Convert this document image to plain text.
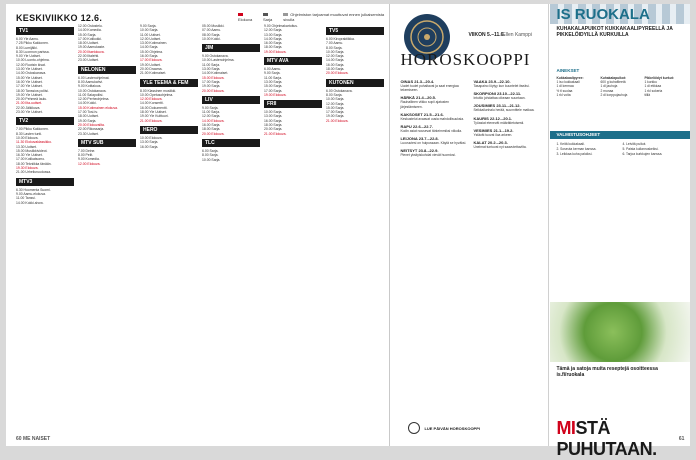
KESKIVIIKKO 12.6.	Elokuva	Sarja
Ohjelmiston tarjoamat muuttuvat ennen julkaisemista sivulla
TV1
6.00 Yle Aamu.
7.25 Pikku Kakkonen.
8.00 Lumijälki.
8.30 Luonnon parissa.
9.00 Yle Uutiset.
10.00 Luonto-ohjelma.
12.00 Ruotsin kisat.
13.00 Yle Uutiset.
14.00 Ostoskanava.
15.00 Yle Uutiset.
16.00 Yle Uutiset.
17.00 Yle Uutiset.
18.00 Tanssiva poliisi.
19.00 Yle Uutiset.
20.00 Pehmeä laulu.
21.00 Ilta-uutiset.
22.00 Jälkikuva.
23.00 Yle Uutiset.
TV2
7.00 Pikku Kakkonen.
8.30 Lasten tunti.
10.00 Elokuva.
11.30 Elokuvaklassikko.
13.30 Uutiset.
15.00 Musiikkivideot.
16.30 Yle Uutiset.
17.00 Kotikatsomo.
18.00 Tekniikka tänään.
19.30 Elokuva.
21.00 Urheiluruudussa.
MTV3
6.30 Huomenta Suomi.
9.00 Aamu-elokuva.
11.00 Tanssi.
14.00 Kokki-show.
12.00 Ostostelu.
14.00 Komedia.
15.00 Sarja.
17.00 Kotikokki.
18.00 Uutiset.
19.00 Aamukaste.
20.00 Iltaelokuva.
22.00 Iltalehti.
23.00 Uutiset.
NELONEN
6.00 Lastenohjelmat.
8.00 Aamukahvi.
9.00 Kotitalous.
10.00 Ostokanava.
11.00 Salapoliisi.
12.00 Perheohjelma.
14.00 Kokki.
15.00 Kotimainen elokuva.
17.00 Tosi-tv.
18.00 Uutiset.
19.00 Sarja.
20.00 Elokuvailta.
22.00 Rikossarja.
23.30 Uutiset.
MTV SUB
7.00 Deine.
8.00 Pelit.
9.00 Komedia.
12.00 Elokuva.
9.00 Sarja.
10.00 Sarja.
11.00 Uutiset.
12.00 Uutiset.
13.00 Kotimainen.
14.00 Sarja.
15.00 Ohjelma.
16.00 Sarja.
17.00 Elokuva.
19.00 Uutiset.
20.00 Draama.
21.00 Kotimaiset.
YLE TEEMA & FEM
8.00 Klassinen musiikki.
10.00 Opetusohjelma.
12.00 Elokuva.
14.00 Konsertti.
16.00 Dokumentti.
18.00 Yle Uutiset.
19.00 Yle Kulttuuri.
21.00 Elokuva.
HERO
10.00 Elokuva.
13.00 Sarja.
16.00 Sarja.
05.00 Musiikki.
07.00 Aamu.
08.00 Sarja.
10.00 Kokki.
JIM
9.00 Ostokanava.
10.00 Lastenohjelma.
11.00 Sarja.
13.00 Sarja.
14.00 Kotimaiset.
15.00 Elokuva.
17.00 Sarja.
19.00 Sarja.
20.00 Elokuva.
LIV
9.00 Sarja.
11.00 Sarja.
12.00 Sarja.
14.00 Elokuva.
16.00 Sarja.
18.00 Sarja.
20.00 Elokuva.
TLC
6.00 Sarja.
8.00 Sarja.
10.00 Sarja.
9.00 Ohjelmakartoitus.
12.00 Sarja.
13.00 Sarja.
14.00 Sarja.
16.00 Sarja.
18.00 Sarja.
19.00 Elokuva.
MTV AVA
6.00 Aamu.
9.00 Sarja.
11.00 Sarja.
13.00 Sarja.
15.00 Sarja.
17.00 Sarja.
19.00 Elokuva.
FRII
10.00 Sarja.
13.00 Sarja.
16.00 Sarja.
18.00 Sarja.
20.00 Sarja.
21.00 Elokuva.
TV5
6.00 Kiropraktiikka.
7.00 Aamu.
8.00 Sarja.
10.00 Sarja.
12.00 Sarja.
14.00 Sarja.
16.00 Sarja.
18.00 Sarja.
20.00 Elokuva.
KUTONEN
6.00 Ostokanava.
8.00 Sarja.
10.00 Sarja.
12.00 Sarja.
15.00 Sarja.
17.00 Sarja.
19.00 Sarja.
21.00 Elokuva.
60 ME NAISET
VIIKON 5.–11.6.
Ellen Kamppi
HOROSKOOPPI
OINAS 21.3.–20.4.
Uudet tuulet puhaltavat ja saat energiaa tekemiseen.
HÄRKÄ 21.4.–20.5.
Rauhallinen viikko sopii ajatusten järjestämiseen.
KAKSOSET 21.5.–21.6.
Keskustelut avaavat uusia mahdollisuuksia.
RAPU 22.6.–22.7.
Kodin asiat nousevat tärkeimmiksi viikolla.
LEIJONA 23.7.–22.8.
Luovuutesi on huipussaan. Käytä se hyväksi.
NEITSYT 23.8.–22.9.
Pienet yksityiskohdat vievät huomiosi.
VAAKA 23.9.–22.10.
Tasapaino löytyy kun kuuntelet itseäsi.
SKORPIONI 23.10.–22.11.
Intuitio johdattaa oikeaan suuntaan.
JOUSIMIES 23.11.–21.12.
Seikkailunhalu herää, suunnittele matkaa.
KAURIS 22.12.–20.1.
Työasiat etenevät määrätietoisesti.
VESIMIES 21.1.–19.2.
Ystävät tuovat iloa arkeen.
KALAT 20.2.–20.3.
Unelmat tuntuvat nyt saavutettavilta.
LUE PÄIVÄN HOROSKOOPPI
IS RUOKALA
KUHAKALAPUIKOT KUKKAKAALIPYREELLÄ JA PIKKELÖIDYILLÄ KURKUILLA
AINEKSET
Kukkakaalipyree:
1 iso kukkakaali
1 dl kermaa
½ tl suolaa
1 rkl voita
Kuhakalapuikot:
600 g kuhafileetä
1 dl jauhoja
2 munaa
2 dl korppujauhoja
Pikkelöidyt kurkut:
1 kurkku
1 dl etikkaa
1 rkl sokeria
tilliä
VALMISTUSOHJEET
1. Keitä kukkakaali.
2. Soseuta kerman kanssa.
3. Leikkaa kuha paloiksi.
4. Leivitä puikot.
5. Paista kullanruskeiksi.
6. Tarjoa kurkkujen kanssa.
Tämä ja satoja muita reseptejä osoitteessa is.fi/ruokala
MISTÄ PUHUTAAN.	61
